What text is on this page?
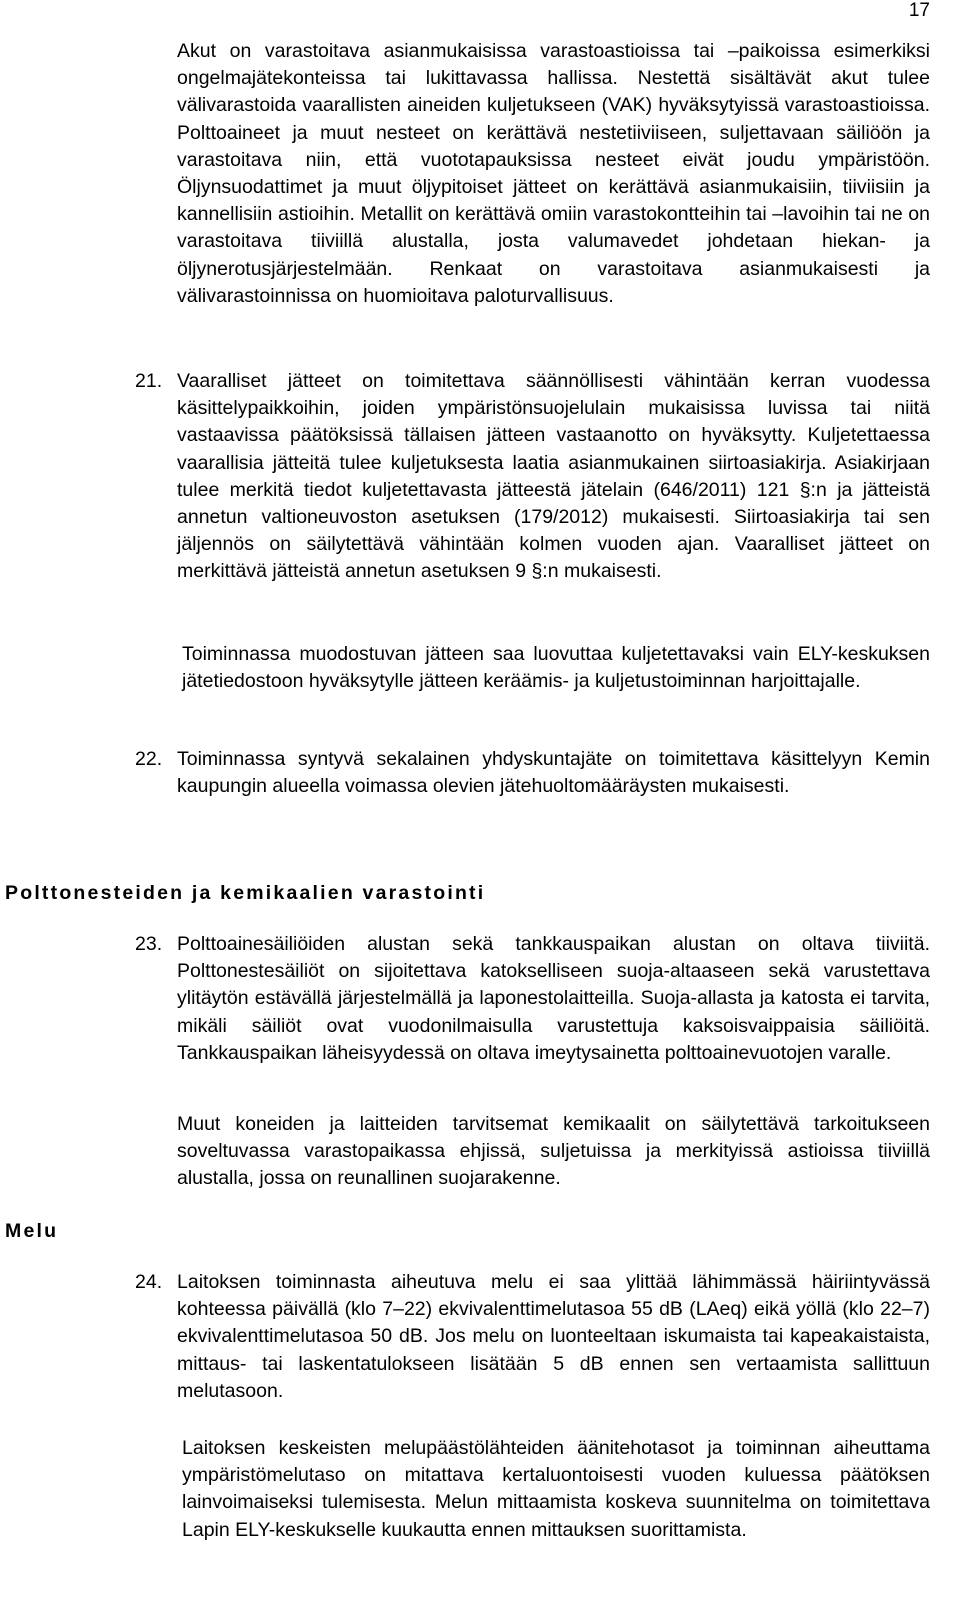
17

Akut on varastoitava asianmukaisissa varastoastioissa tai –paikoissa esimerkiksi ongelmajätekonteissa tai lukittavassa hallissa. Nestettä sisältävät akut tulee välivarastoida vaarallisten aineiden kuljetukseen (VAK) hyväksytyissä varastoastioissa. Polttoaineet ja muut nesteet on kerättävä nestetiiviiseen, suljettavaan säiliöön ja varastoitava niin, että vuototapauksissa nesteet eivät joudu ympäristöön. Öljynsuodattimet ja muut öljypitoiset jätteet on kerättävä asianmukaisiin, tiiviisiin ja kannellisiin astioihin. Metallit on kerättävä omiin varastokontteihin tai –lavoihin tai ne on varastoitava tiiviillä alustalla, josta valumavedet johdetaan hiekan- ja öljynerotusjärjestelmään. Renkaat on varastoitava asianmukaisesti ja välivarastoinnissa on huomioitava paloturvallisuus.

21. Vaaralliset jätteet on toimitettava säännöllisesti vähintään kerran vuodessa käsittelypaikkoihin, joiden ympäristönsuojelulain mukaisissa luvissa tai niitä vastaavissa päätöksissä tällaisen jätteen vastaanotto on hyväksytty. Kuljetettaessa vaarallisia jätteitä tulee kuljetuksesta laatia asianmukainen siirtoasiakirja. Asiakirjaan tulee merkitä tiedot kuljetettavasta jätteestä jätelain (646/2011) 121 §:n ja jätteistä annetun valtioneuvoston asetuksen (179/2012) mukaisesti. Siirtoasiakirja tai sen jäljennös on säilytettävä vähintään kolmen vuoden ajan. Vaaralliset jätteet on merkittävä jätteistä annetun asetuksen 9 §:n mukaisesti.

Toiminnassa muodostuvan jätteen saa luovuttaa kuljetettavaksi vain ELY-keskuksen jätetiedostoon hyväksytylle jätteen keräämis- ja kuljetustoiminnan harjoittajalle.

22. Toiminnassa syntyvä sekalainen yhdyskuntajäte on toimitettava käsittelyyn Kemin kaupungin alueella voimassa olevien jätehuoltomääräysten mukaisesti.

Polttonesteiden ja kemikaalien varastointi
23. Polttoainesäiliöiden alustan sekä tankkauspaikan alustan on oltava tiiviitä. Polttonestesäiliöt on sijoitettava katokselliseen suoja-altaaseen sekä varustettava ylitäytön estävällä järjestelmällä ja laponestolaitteilla. Suoja-allasta ja katosta ei tarvita, mikäli säiliöt ovat vuodonilmaisulla varustettuja kaksoisvaippaisia säiliöitä. Tankkauspaikan läheisyydessä on oltava imeytysainetta polttoainevuotojen varalle.

Muut koneiden ja laitteiden tarvitsemat kemikaalit on säilytettävä tarkoitukseen soveltuvassa varastopaikassa ehjissä, suljetuissa ja merkityissä astioissa tiiviillä alustalla, jossa on reunallinen suojarakenne.

Melu
24. Laitoksen toiminnasta aiheutuva melu ei saa ylittää lähimmässä häiriintyvässä kohteessa päivällä (klo 7–22) ekvivalenttimelutasoa 55 dB (LAeq) eikä yöllä (klo 22–7) ekvivalenttimelutasoa 50 dB. Jos melu on luonteeltaan iskumaista tai kapeakaistaista, mittaus- tai laskentatulokseen lisätään 5 dB ennen sen vertaamista sallittuun melutasoon.

Laitoksen keskeisten melupäästölähteiden äänitehotasot ja toiminnan aiheuttama ympäristömelutaso on mitattava kertaluontoisesti vuoden kuluessa päätöksen lainvoimaiseksi tulemisesta. Melun mittaamista koskeva suunnitelma on toimitettava Lapin ELY-keskukselle kuukautta ennen mittauksen suorittamista.
